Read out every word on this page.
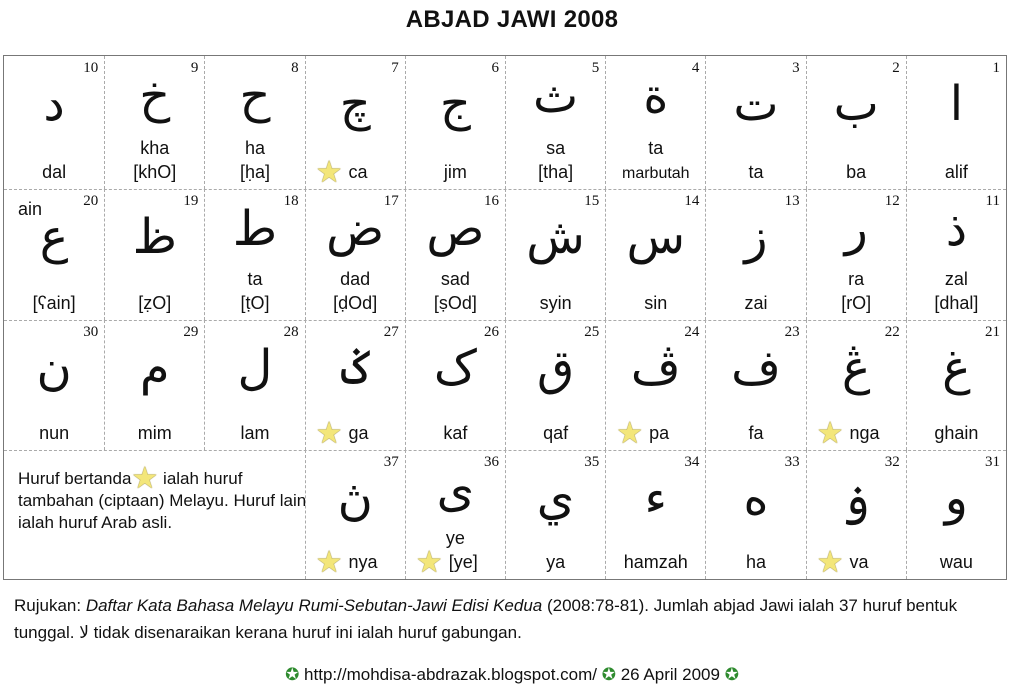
ABJAD JAWI 2008
Huruf bertanda★ ialah huruf tambahan (ciptaan) Melayu. Huruf lain ialah huruf Arab asli.
10
د
dal
9
خ
kha
[khO]
8
ح
ha
[ḥa]
7
چ
★ ca
6
ج
jim
5
ث
sa
[tha]
4
ة
ta
marbutah
3
ت
ta
2
ب
ba
1
ا
alif
20
ain
ع
[ʕain]
19
ظ
[ẓO]
18
ط
ta
[ṭO]
17
ض
dad
[ḍOd]
16
ص
sad
[ṣOd]
15
ش
syin
14
س
sin
13
ز
zai
12
ر
ra
[rO]
11
ذ
zal
[dhal]
30
ن
nun
29
م
mim
28
ل
lam
27
ݢ
★ ga
26
ک
kaf
25
ق
qaf
24
ڤ
★ pa
23
ف
fa
22
ڠ
★ nga
21
غ
ghain
37
ڽ
★ nya
36
ى
ye
★ [ye]
35
ي
ya
34
ء
hamzah
33
ه
ha
32
ۏ
★ va
31
و
wau
Rujukan: Daftar Kata Bahasa Melayu Rumi-Sebutan-Jawi Edisi Kedua (2008:78-81). Jumlah abjad Jawi ialah 37 huruf bentuk tunggal. لا tidak disenaraikan kerana huruf ini ialah huruf gabungan.
✪ http://mohdisa-abdrazak.blogspot.com/ ✪ 26 April 2009 ✪
